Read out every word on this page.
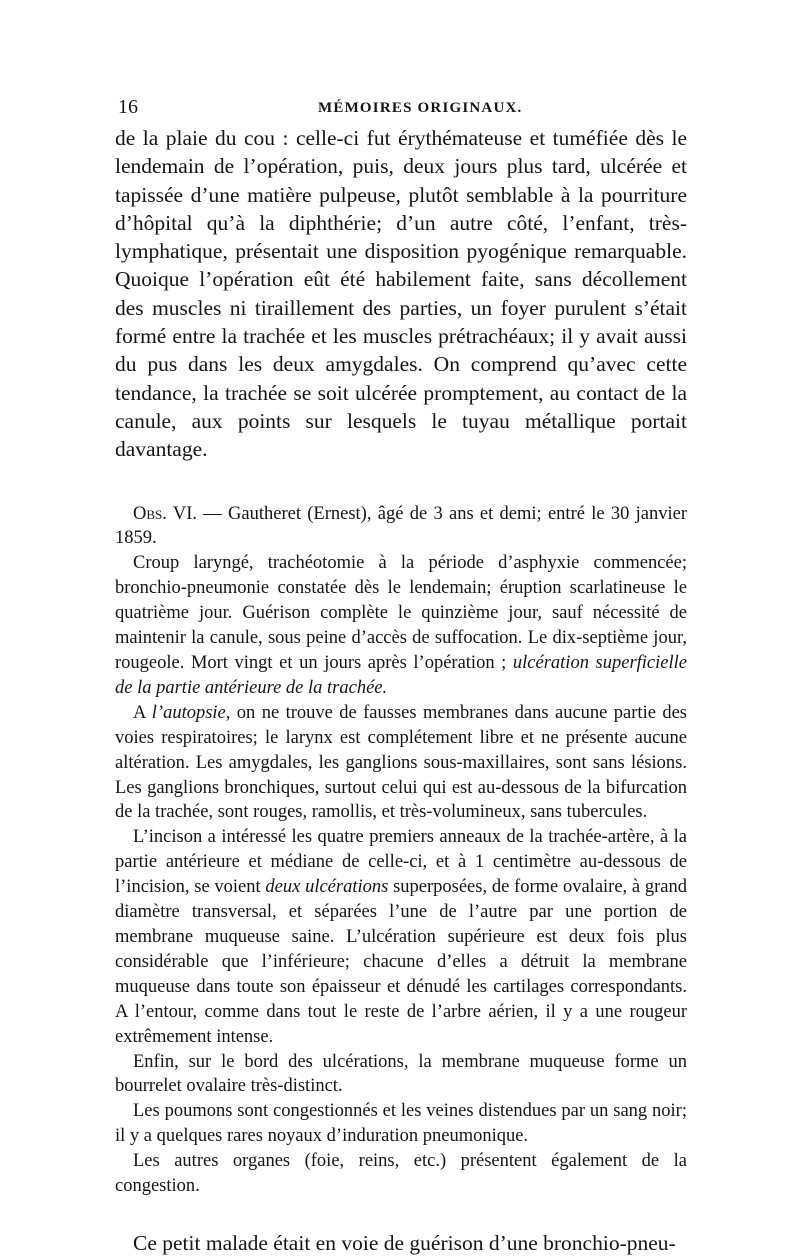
16	MÉMOIRES ORIGINAUX.

de la plaie du cou : celle-ci fut érythémateuse et tuméfiée dès le lendemain de l’opération, puis, deux jours plus tard, ulcérée et tapissée d’une matière pulpeuse, plutôt semblable à la pourriture d’hôpital qu’à la diphthérie; d’un autre côté, l’enfant, très-lymphatique, présentait une disposition pyogénique remarquable. Quoique l’opération eût été habilement faite, sans décollement des muscles ni tiraillement des parties, un foyer purulent s’était formé entre la trachée et les muscles prétrachéaux; il y avait aussi du pus dans les deux amygdales. On comprend qu’avec cette tendance, la trachée se soit ulcérée promptement, au contact de la canule, aux points sur lesquels le tuyau métallique portait davantage.

Obs. VI. — Gautheret (Ernest), âgé de 3 ans et demi; entré le 30 janvier 1859.

Croup laryngé, trachéotomie à la période d’asphyxie commencée; bronchio-pneumonie constatée dès le lendemain; éruption scarlatineuse le quatrième jour. Guérison complète le quinzième jour, sauf nécessité de maintenir la canule, sous peine d’accès de suffocation. Le dix-septième jour, rougeole. Mort vingt et un jours après l’opération ; ulcération superficielle de la partie antérieure de la trachée.

A l’autopsie, on ne trouve de fausses membranes dans aucune partie des voies respiratoires; le larynx est complétement libre et ne présente aucune altération. Les amygdales, les ganglions sous-maxillaires, sont sans lésions. Les ganglions bronchiques, surtout celui qui est au-dessous de la bifurcation de la trachée, sont rouges, ramollis, et très-volumineux, sans tubercules.

L’incison a intéressé les quatre premiers anneaux de la trachée-artère, à la partie antérieure et médiane de celle-ci, et à 1 centimètre au-dessous de l’incision, se voient deux ulcérations superposées, de forme ovalaire, à grand diamètre transversal, et séparées l’une de l’autre par une portion de membrane muqueuse saine. L’ulcération supérieure est deux fois plus considérable que l’inférieure; chacune d’elles a détruit la membrane muqueuse dans toute son épaisseur et dénudé les cartilages correspondants. A l’entour, comme dans tout le reste de l’arbre aérien, il y a une rougeur extrêmement intense.

Enfin, sur le bord des ulcérations, la membrane muqueuse forme un bourrelet ovalaire très-distinct.

Les poumons sont congestionnés et les veines distendues par un sang noir; il y a quelques rares noyaux d’induration pneumonique.

Les autres organes (foie, reins, etc.) présentent également de la congestion.

Ce petit malade était en voie de guérison d’une bronchio-pneu-
